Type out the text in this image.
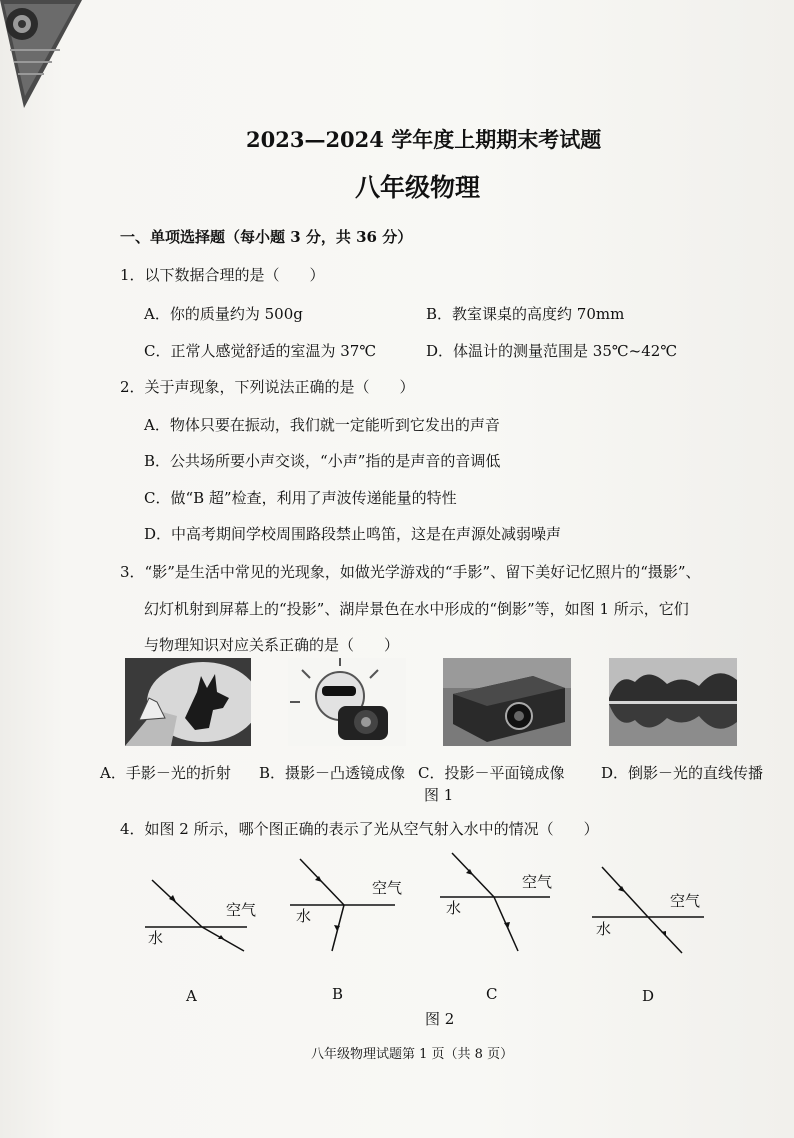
2023—2024 学年度上期期末考试题
八年级物理
一、单项选择题（每小题 3 分，共 36 分）
1．以下数据合理的是（　　）
A．你的质量约为 500g	B．教室课桌的高度约 70mm
C．正常人感觉舒适的室温为 37℃	D．体温计的测量范围是 35℃~42℃
2．关于声现象，下列说法正确的是（　　）
A．物体只要在振动，我们就一定能听到它发出的声音
B．公共场所要小声交谈，“小声”指的是声音的音调低
C．做“B 超”检查，利用了声波传递能量的特性
D．中高考期间学校周围路段禁止鸣笛，这是在声源处减弱噪声
3．“影”是生活中常见的光现象，如做光学游戏的“手影”、留下美好记忆照片的“摄影”、
幻灯机射到屏幕上的“投影”、湖岸景色在水中形成的“倒影”等，如图 1 所示，它们
与物理知识对应关系正确的是（　　）
A．手影－光的折射 B．摄影－凸透镜成像 C．投影－平面镜成像 D．倒影－光的直线传播
图 1
4．如图 2 所示，哪个图正确的表示了光从空气射入水中的情况（　　）
空气
水
A
空气
水
B
空气
水
C
空气
水
D
图 2
八年级物理试题第 1 页（共 8 页）
